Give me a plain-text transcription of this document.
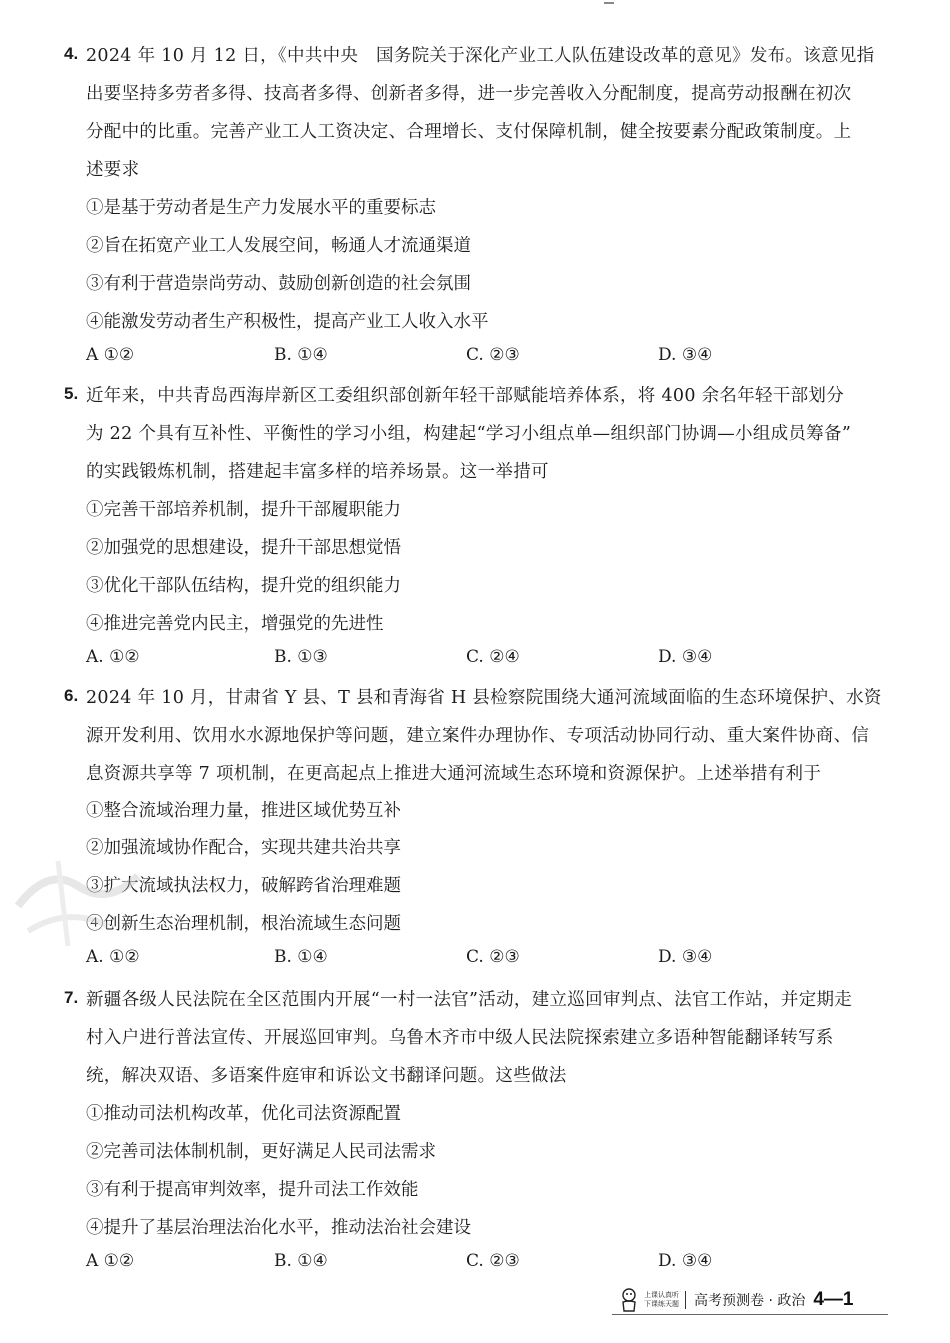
4. 2024 年 10 月 12 日，《中共中央　国务院关于深化产业工人队伍建设改革的意见》发布。该意见指
出要坚持多劳者多得、技高者多得、创新者多得，进一步完善收入分配制度，提高劳动报酬在初次
分配中的比重。完善产业工人工资决定、合理增长、支付保障机制，健全按要素分配政策制度。上
述要求
①是基于劳动者是生产力发展水平的重要标志
②旨在拓宽产业工人发展空间，畅通人才流通渠道
③有利于营造崇尚劳动、鼓励创新创造的社会氛围
④能激发劳动者生产积极性，提高产业工人收入水平
A ①②	B. ①④	C. ②③	D. ③④
5. 近年来，中共青岛西海岸新区工委组织部创新年轻干部赋能培养体系，将 400 余名年轻干部划分
为 22 个具有互补性、平衡性的学习小组，构建起“学习小组点单—组织部门协调—小组成员筹备”
的实践锻炼机制，搭建起丰富多样的培养场景。这一举措可
①完善干部培养机制，提升干部履职能力
②加强党的思想建设，提升干部思想觉悟
③优化干部队伍结构，提升党的组织能力
④推进完善党内民主，增强党的先进性
A. ①②	B. ①③	C. ②④	D. ③④
6. 2024 年 10 月，甘肃省 Y 县、T 县和青海省 H 县检察院围绕大通河流域面临的生态环境保护、水资
源开发利用、饮用水水源地保护等问题，建立案件办理协作、专项活动协同行动、重大案件协商、信
息资源共享等 7 项机制，在更高起点上推进大通河流域生态环境和资源保护。上述举措有利于
①整合流域治理力量，推进区域优势互补
②加强流域协作配合，实现共建共治共享
③扩大流域执法权力，破解跨省治理难题
④创新生态治理机制，根治流域生态问题
A. ①②	B. ①④	C. ②③	D. ③④
7. 新疆各级人民法院在全区范围内开展“一村一法官”活动，建立巡回审判点、法官工作站，并定期走
村入户进行普法宣传、开展巡回审判。乌鲁木齐市中级人民法院探索建立多语种智能翻译转写系
统，解决双语、多语案件庭审和诉讼文书翻译问题。这些做法
①推动司法机构改革，优化司法资源配置
②完善司法体制机制，更好满足人民司法需求
③有利于提高审判效率，提升司法工作效能
④提升了基层治理法治化水平，推动法治社会建设
A ①②	B. ①④	C. ②③	D. ③④
上课认真听
下课练天题 高考预测卷 · 政治 4—1
